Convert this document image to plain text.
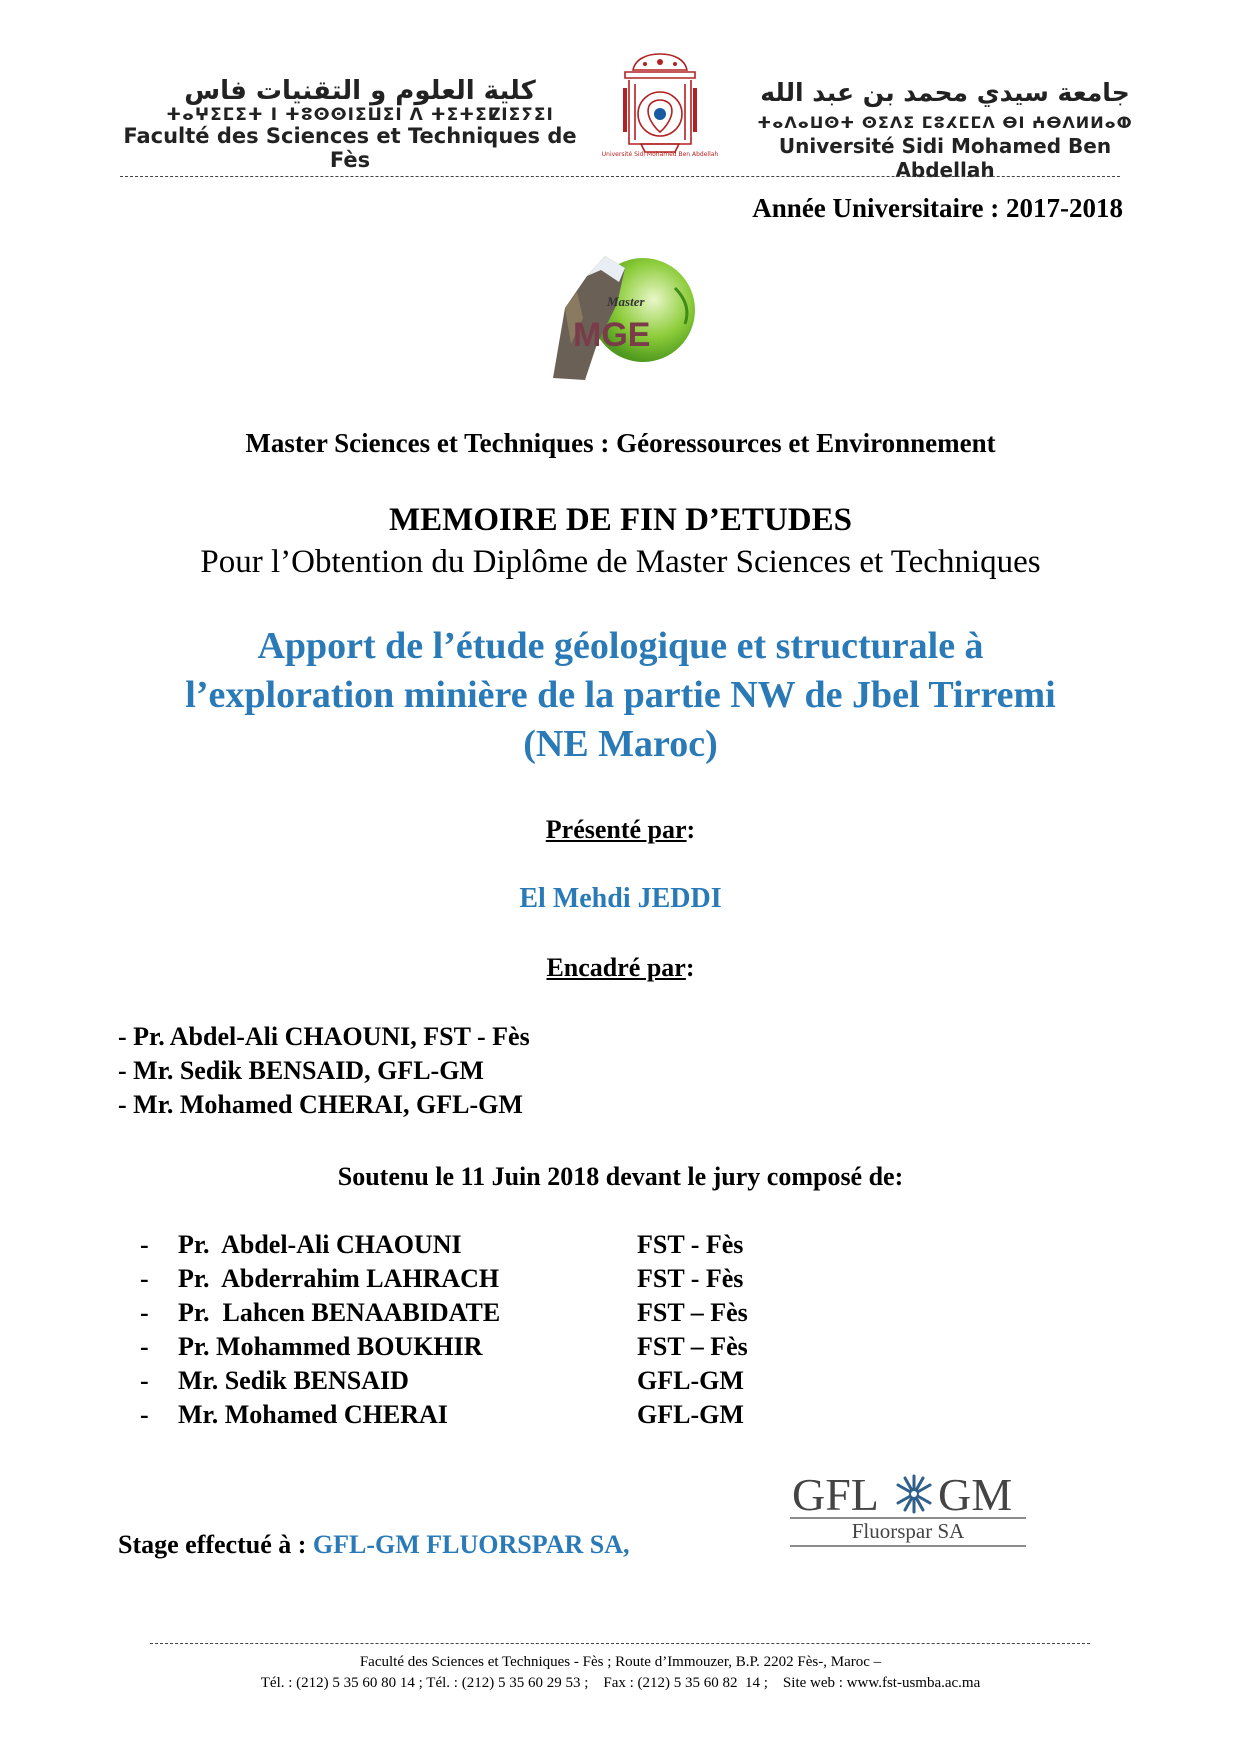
كلية العلوم و التقنيات فاس
ⵜⴰⵖⵉⵎⵉⵜ ⵏ ⵜⵓⵙⵙⵏⵉⵡⵉⵏ ⴷ ⵜⵉⵜⵉⵇⵏⵉⵢⵉⵏ
Faculté des Sciences et Techniques de Fès	Université Sidi Mohamed Ben Abdellah
جامعة سيدي محمد بن عبد الله
ⵜⴰⴷⴰⵡⵙⵜ ⵙⵉⴷⵉ ⵎⵓⵃⵎⵎⴷ ⴱⵏ ⵄⴱⴷⵍⵍⴰⵀ
Université Sidi Mohamed Ben Abdellah
Année Universitaire : 2017-2018
Master
MGE
Master Sciences et Techniques : Géoressources et Environnement
MEMOIRE DE FIN D’ETUDES
Pour l’Obtention du Diplôme de Master Sciences et Techniques
Apport de l’étude géologique et structurale à
l’exploration minière de la partie NW de Jbel Tirremi
(NE Maroc)
Présenté par:
El Mehdi JEDDI
Encadré par:
- Pr. Abdel-Ali CHAOUNI, FST - Fès
- Mr. Sedik BENSAID, GFL-GM
- Mr. Mohamed CHERAI, GFL-GM
Soutenu le 11 Juin 2018 devant le jury composé de:
- Pr.  Abdel-Ali CHAOUNI	FST - Fès
- Pr.  Abderrahim LAHRACH	FST - Fès
- Pr.  Lahcen BENAABIDATE	FST – Fès
- Pr. Mohammed BOUKHIR	FST – Fès
- Mr. Sedik BENSAID	GFL-GM
- Mr. Mohamed CHERAI	GFL-GM
GFL GM
Fluorspar SA
Stage effectué à : GFL-GM FLUORSPAR SA,
Faculté des Sciences et Techniques - Fès ; Route d’Immouzer, B.P. 2202 Fès-, Maroc –
Tél. : (212) 5 35 60 80 14 ; Tél. : (212) 5 35 60 29 53 ;    Fax : (212) 5 35 60 82  14 ;    Site web : www.fst-usmba.ac.ma
